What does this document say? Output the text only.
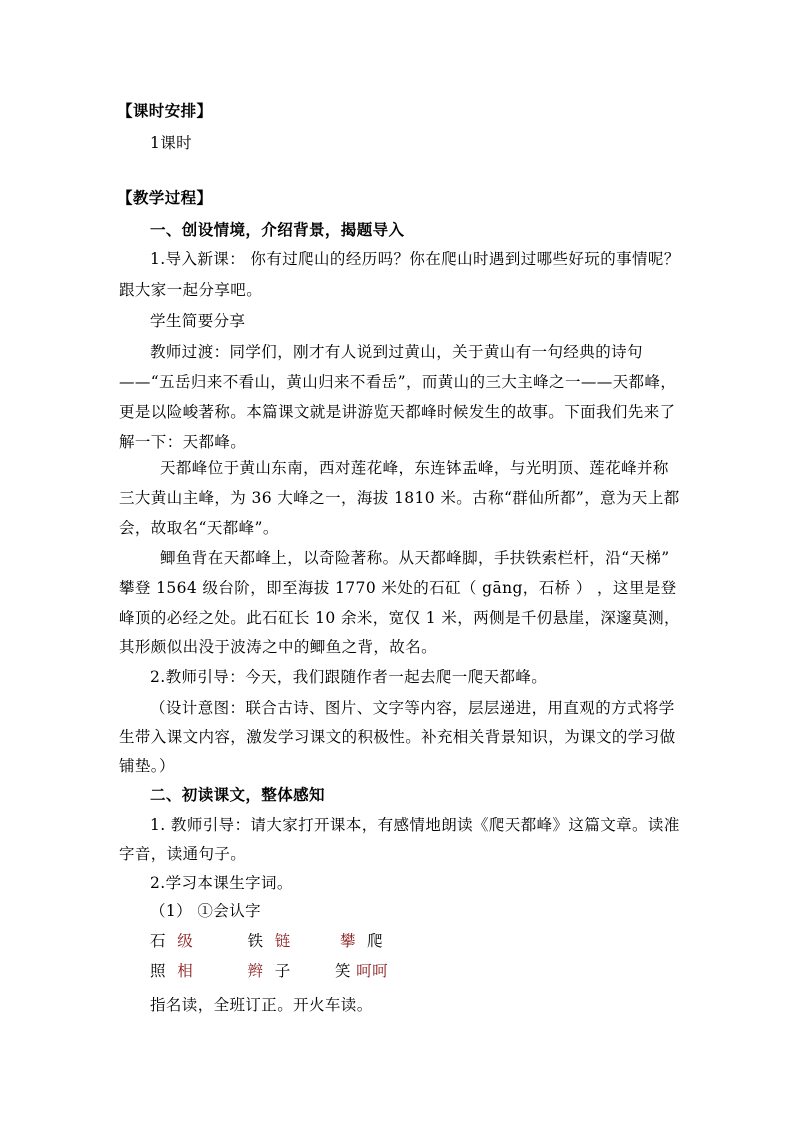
【课时安排】
1课时
【教学过程】
一、创设情境，介绍背景，揭题导入
1.导入新课： 你有过爬山的经历吗？你在爬山时遇到过哪些好玩的事情呢？
跟大家一起分享吧。
学生简要分享
教师过渡：同学们，刚才有人说到过黄山，关于黄山有一句经典的诗句
——“五岳归来不看山，黄山归来不看岳”，而黄山的三大主峰之一——天都峰，
更是以险峻著称。本篇课文就是讲游览天都峰时候发生的故事。下面我们先来了
解一下：天都峰。
天都峰位于黄山东南，西对莲花峰，东连钵盂峰，与光明顶、莲花峰并称
三大黄山主峰，为 36 大峰之一，海拔 1810 米。古称“群仙所都”，意为天上都
会，故取名“天都峰”。
鲫鱼背在天都峰上，以奇险著称。从天都峰脚，手扶铁索栏杆，沿“天梯”
攀登 1564 级台阶，即至海拔 1770 米处的石矼（ gāng，石桥 ） ，这里是登
峰顶的必经之处。此石矼长 10 余米，宽仅 1 米，两侧是千仞悬崖，深邃莫测，
其形颇似出没于波涛之中的鲫鱼之背，故名。
2.教师引导：今天，我们跟随作者一起去爬一爬天都峰。
（设计意图：联合古诗、图片、文字等内容，层层递进，用直观的方式将学
生带入课文内容，激发学习课文的积极性。补充相关背景知识，为课文的学习做
铺垫。）
二、初读课文，整体感知
1. 教师引导：请大家打开课本，有感情地朗读《爬天都峰》这篇文章。读准
字音，读通句子。
2.学习本课生字词。
（1） ①会认字
石 级	铁 链	攀 爬
照 相	辫 子	笑 呵呵
指名读，全班订正。开火车读。
